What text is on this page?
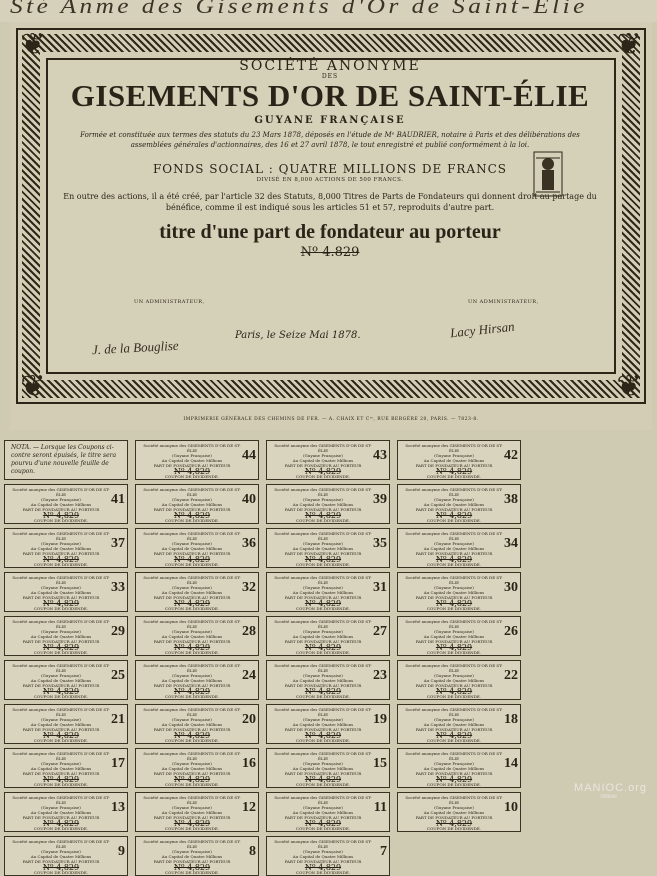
Sté Anme des Gisements d'Or de Saint-Elie
❦	❦
❦	❦
SOCIÉTÉ ANONYME
DES
GISEMENTS D'OR DE SAINT-ÉLIE
GUYANE FRANÇAISE
Formée et constituée aux termes des statuts du 23 Mars 1878, déposés en l'étude de Mᵉ BAUDRIER, notaire à Paris et des délibérations des assemblées générales d'actionnaires, des 16 et 27 avril 1878, le tout enregistré et publié conformément à la loi.
FONDS SOCIAL : QUATRE MILLIONS DE FRANCS
DIVISÉ EN 8,000 ACTIONS DE 500 FRANCS.
En outre des actions, il a été créé, par l'article 32 des Statuts, 8,000 Titres de Parts de Fondateurs qui donnent droit au partage du bénéfice, comme il est indiqué sous les articles 51 et 57, reproduits d'autre part.
titre d'une part de fondateur au porteur
Nº 4.829
UN ADMINISTRATEUR,	UN ADMINISTRATEUR,
Paris, le Seize Mai 1878.
J. de la Bouglise
Lacy Hirsan
IMPRIMERIE GÉNÉRALE DES CHEMINS DE FER. — A. CHAIX ET Cⁱᵉ, RUE BERGÈRE 20, PARIS. — 7823-8.
NOTA. — Lorsque les Coupons ci-contre seront épuisés, le titre sera pourvu d'une nouvelle feuille de coupon.
Société anonyme des GISEMENTS D'OR DE ST-ÉLIE
(Guyane Française)
Au Capital de Quatre Millions
PART DE FONDATEUR AU PORTEUR
Nº 4,829
COUPON DE DIVIDENDE.
44
Société anonyme des GISEMENTS D'OR DE ST-ÉLIE
(Guyane Française)
Au Capital de Quatre Millions
PART DE FONDATEUR AU PORTEUR
Nº 4,829
COUPON DE DIVIDENDE.
43
Société anonyme des GISEMENTS D'OR DE ST-ÉLIE
(Guyane Française)
Au Capital de Quatre Millions
PART DE FONDATEUR AU PORTEUR
Nº 4,829
COUPON DE DIVIDENDE.
42
Société anonyme des GISEMENTS D'OR DE ST-ÉLIE
(Guyane Française)
Au Capital de Quatre Millions
PART DE FONDATEUR AU PORTEUR
Nº 4,829
COUPON DE DIVIDENDE.
41
Société anonyme des GISEMENTS D'OR DE ST-ÉLIE
(Guyane Française)
Au Capital de Quatre Millions
PART DE FONDATEUR AU PORTEUR
Nº 4,829
COUPON DE DIVIDENDE.
40
Société anonyme des GISEMENTS D'OR DE ST-ÉLIE
(Guyane Française)
Au Capital de Quatre Millions
PART DE FONDATEUR AU PORTEUR
Nº 4,829
COUPON DE DIVIDENDE.
39
Société anonyme des GISEMENTS D'OR DE ST-ÉLIE
(Guyane Française)
Au Capital de Quatre Millions
PART DE FONDATEUR AU PORTEUR
Nº 4,829
COUPON DE DIVIDENDE.
38
Société anonyme des GISEMENTS D'OR DE ST-ÉLIE
(Guyane Française)
Au Capital de Quatre Millions
PART DE FONDATEUR AU PORTEUR
Nº 4,829
COUPON DE DIVIDENDE.
37
Société anonyme des GISEMENTS D'OR DE ST-ÉLIE
(Guyane Française)
Au Capital de Quatre Millions
PART DE FONDATEUR AU PORTEUR
Nº 4,829
COUPON DE DIVIDENDE.
36
Société anonyme des GISEMENTS D'OR DE ST-ÉLIE
(Guyane Française)
Au Capital de Quatre Millions
PART DE FONDATEUR AU PORTEUR
Nº 4,829
COUPON DE DIVIDENDE.
35
Société anonyme des GISEMENTS D'OR DE ST-ÉLIE
(Guyane Française)
Au Capital de Quatre Millions
PART DE FONDATEUR AU PORTEUR
Nº 4,829
COUPON DE DIVIDENDE.
34
Société anonyme des GISEMENTS D'OR DE ST-ÉLIE
(Guyane Française)
Au Capital de Quatre Millions
PART DE FONDATEUR AU PORTEUR
Nº 4,829
COUPON DE DIVIDENDE.
33
Société anonyme des GISEMENTS D'OR DE ST-ÉLIE
(Guyane Française)
Au Capital de Quatre Millions
PART DE FONDATEUR AU PORTEUR
Nº 4,829
COUPON DE DIVIDENDE.
32
Société anonyme des GISEMENTS D'OR DE ST-ÉLIE
(Guyane Française)
Au Capital de Quatre Millions
PART DE FONDATEUR AU PORTEUR
Nº 4,829
COUPON DE DIVIDENDE.
31
Société anonyme des GISEMENTS D'OR DE ST-ÉLIE
(Guyane Française)
Au Capital de Quatre Millions
PART DE FONDATEUR AU PORTEUR
Nº 4,829
COUPON DE DIVIDENDE.
30
Société anonyme des GISEMENTS D'OR DE ST-ÉLIE
(Guyane Française)
Au Capital de Quatre Millions
PART DE FONDATEUR AU PORTEUR
Nº 4,829
COUPON DE DIVIDENDE.
29
Société anonyme des GISEMENTS D'OR DE ST-ÉLIE
(Guyane Française)
Au Capital de Quatre Millions
PART DE FONDATEUR AU PORTEUR
Nº 4,829
COUPON DE DIVIDENDE.
28
Société anonyme des GISEMENTS D'OR DE ST-ÉLIE
(Guyane Française)
Au Capital de Quatre Millions
PART DE FONDATEUR AU PORTEUR
Nº 4,829
COUPON DE DIVIDENDE.
27
Société anonyme des GISEMENTS D'OR DE ST-ÉLIE
(Guyane Française)
Au Capital de Quatre Millions
PART DE FONDATEUR AU PORTEUR
Nº 4,829
COUPON DE DIVIDENDE.
26
Société anonyme des GISEMENTS D'OR DE ST-ÉLIE
(Guyane Française)
Au Capital de Quatre Millions
PART DE FONDATEUR AU PORTEUR
Nº 4,829
COUPON DE DIVIDENDE.
25
Société anonyme des GISEMENTS D'OR DE ST-ÉLIE
(Guyane Française)
Au Capital de Quatre Millions
PART DE FONDATEUR AU PORTEUR
Nº 4,829
COUPON DE DIVIDENDE.
24
Société anonyme des GISEMENTS D'OR DE ST-ÉLIE
(Guyane Française)
Au Capital de Quatre Millions
PART DE FONDATEUR AU PORTEUR
Nº 4,829
COUPON DE DIVIDENDE.
23
Société anonyme des GISEMENTS D'OR DE ST-ÉLIE
(Guyane Française)
Au Capital de Quatre Millions
PART DE FONDATEUR AU PORTEUR
Nº 4,829
COUPON DE DIVIDENDE.
22
Société anonyme des GISEMENTS D'OR DE ST-ÉLIE
(Guyane Française)
Au Capital de Quatre Millions
PART DE FONDATEUR AU PORTEUR
Nº 4,829
COUPON DE DIVIDENDE.
21
Société anonyme des GISEMENTS D'OR DE ST-ÉLIE
(Guyane Française)
Au Capital de Quatre Millions
PART DE FONDATEUR AU PORTEUR
Nº 4,829
COUPON DE DIVIDENDE.
20
Société anonyme des GISEMENTS D'OR DE ST-ÉLIE
(Guyane Française)
Au Capital de Quatre Millions
PART DE FONDATEUR AU PORTEUR
Nº 4,829
COUPON DE DIVIDENDE.
19
Société anonyme des GISEMENTS D'OR DE ST-ÉLIE
(Guyane Française)
Au Capital de Quatre Millions
PART DE FONDATEUR AU PORTEUR
Nº 4,829
COUPON DE DIVIDENDE.
18
Société anonyme des GISEMENTS D'OR DE ST-ÉLIE
(Guyane Française)
Au Capital de Quatre Millions
PART DE FONDATEUR AU PORTEUR
Nº 4,829
COUPON DE DIVIDENDE.
17
Société anonyme des GISEMENTS D'OR DE ST-ÉLIE
(Guyane Française)
Au Capital de Quatre Millions
PART DE FONDATEUR AU PORTEUR
Nº 4,829
COUPON DE DIVIDENDE.
16
Société anonyme des GISEMENTS D'OR DE ST-ÉLIE
(Guyane Française)
Au Capital de Quatre Millions
PART DE FONDATEUR AU PORTEUR
Nº 4,829
COUPON DE DIVIDENDE.
15
Société anonyme des GISEMENTS D'OR DE ST-ÉLIE
(Guyane Française)
Au Capital de Quatre Millions
PART DE FONDATEUR AU PORTEUR
Nº 4,829
COUPON DE DIVIDENDE.
14
Société anonyme des GISEMENTS D'OR DE ST-ÉLIE
(Guyane Française)
Au Capital de Quatre Millions
PART DE FONDATEUR AU PORTEUR
Nº 4,829
COUPON DE DIVIDENDE.
13
Société anonyme des GISEMENTS D'OR DE ST-ÉLIE
(Guyane Française)
Au Capital de Quatre Millions
PART DE FONDATEUR AU PORTEUR
Nº 4,829
COUPON DE DIVIDENDE.
12
Société anonyme des GISEMENTS D'OR DE ST-ÉLIE
(Guyane Française)
Au Capital de Quatre Millions
PART DE FONDATEUR AU PORTEUR
Nº 4,829
COUPON DE DIVIDENDE.
11
Société anonyme des GISEMENTS D'OR DE ST-ÉLIE
(Guyane Française)
Au Capital de Quatre Millions
PART DE FONDATEUR AU PORTEUR
Nº 4,829
COUPON DE DIVIDENDE.
10
Société anonyme des GISEMENTS D'OR DE ST-ÉLIE
(Guyane Française)
Au Capital de Quatre Millions
PART DE FONDATEUR AU PORTEUR
Nº 4,829
COUPON DE DIVIDENDE.
9
Société anonyme des GISEMENTS D'OR DE ST-ÉLIE
(Guyane Française)
Au Capital de Quatre Millions
PART DE FONDATEUR AU PORTEUR
Nº 4,829
COUPON DE DIVIDENDE.
8
Société anonyme des GISEMENTS D'OR DE ST-ÉLIE
(Guyane Française)
Au Capital de Quatre Millions
PART DE FONDATEUR AU PORTEUR
Nº 4,829
COUPON DE DIVIDENDE.
7
MANIOC.org
ORkidé
